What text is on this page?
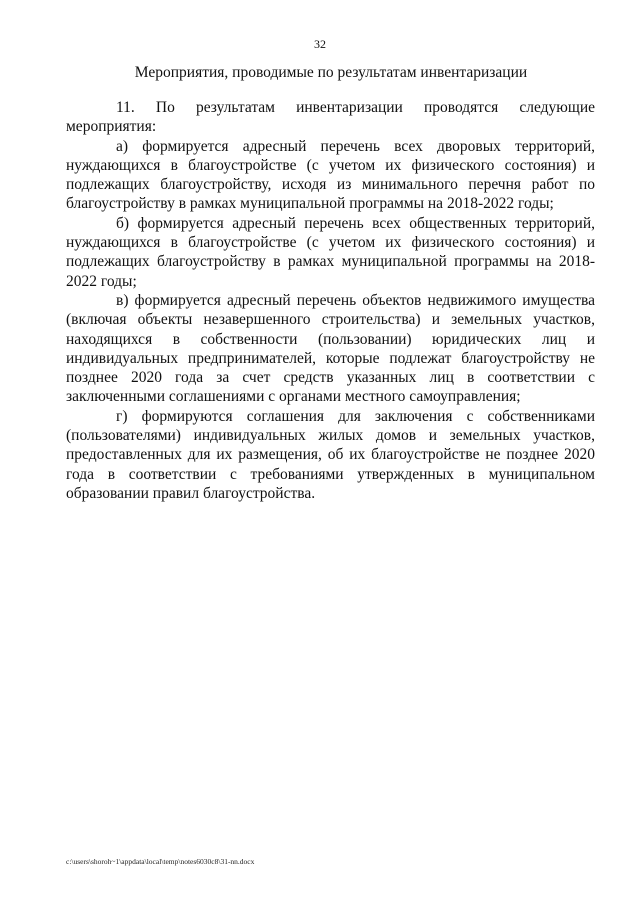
32
Мероприятия, проводимые по результатам инвентаризации

11. По результатам инвентаризации проводятся следующие мероприятия:

а) формируется адресный перечень всех дворовых территорий, нуждающихся в благоустройстве (с учетом их физического состояния) и подлежащих благоустройству, исходя из минимального перечня работ по благоустройству в рамках муниципальной программы на 2018-2022 годы;

б) формируется адресный перечень всех общественных территорий, нуждающихся в благоустройстве (с учетом их физического состояния) и подлежащих благоустройству в рамках муниципальной программы на 2018-2022 годы;

в) формируется адресный перечень объектов недвижимого имущества (включая объекты незавершенного строительства) и земельных участков, находящихся в собственности (пользовании) юридических лиц и индивидуальных предпринимателей, которые подлежат благоустройству не позднее 2020 года за счет средств указанных лиц в соответствии с заключенными соглашениями с органами местного самоуправления;

г) формируются соглашения для заключения с собственниками (пользователями) индивидуальных жилых домов и земельных участков, предоставленных для их размещения, об их благоустройстве не позднее 2020 года в соответствии с требованиями утвержденных в муниципальном образовании правил благоустройства.

c:\users\shoroh~1\appdata\local\temp\notes6030c8\31-nn.docx
